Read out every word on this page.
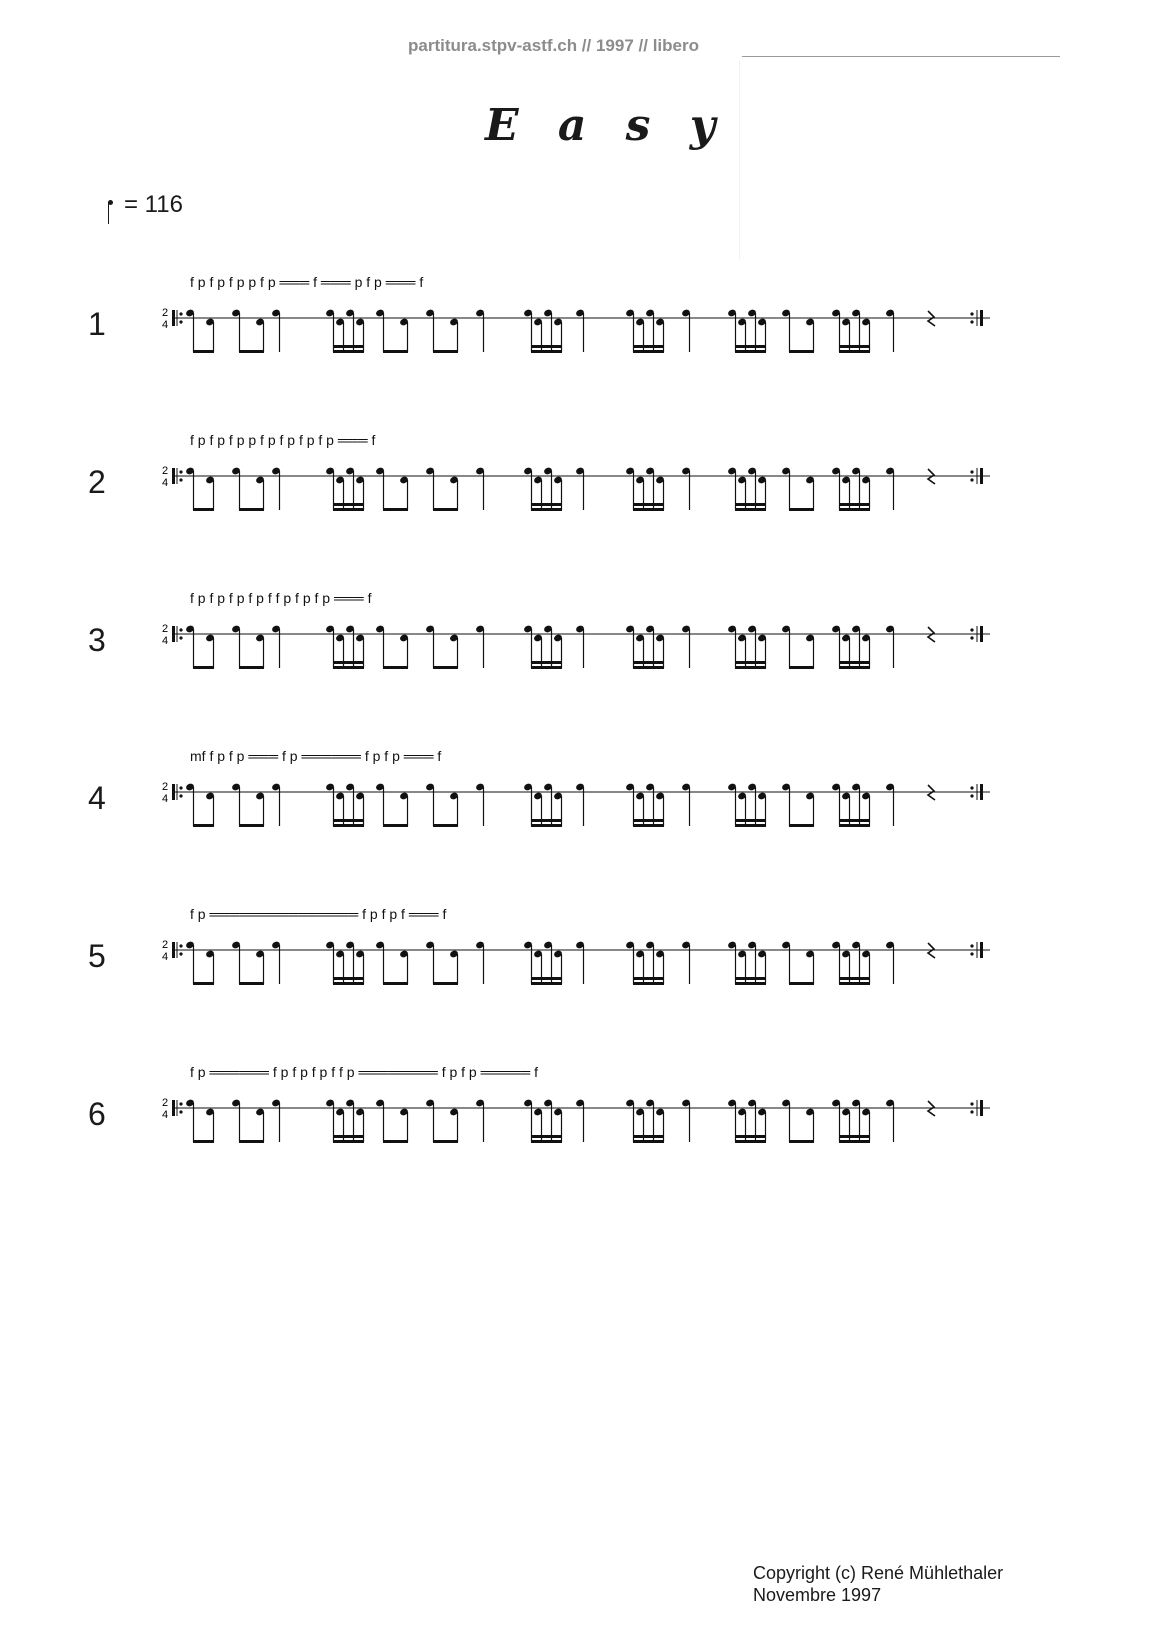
partitura.stpv-astf.ch // 1997 // libero
E a s y
= 116
1
f p f p f p p f p ═══ f ═══ p f p ═══ f
2
4
2
f p f p f p p f p f p f p f p ═══ f
2
4
3
f p f p f p f p f f p f p f p ═══ f
2
4
4
mf f p f p ═══ f p ══════ f p f p ═══ f
2
4
5
f p ═══════════════ f p f p f ═══ f
2
4
6
f p ══════ f p f p f p f f p ════════ f p f p ═════ f
2
4
Copyright (c) René Mühlethaler
Novembre 1997
